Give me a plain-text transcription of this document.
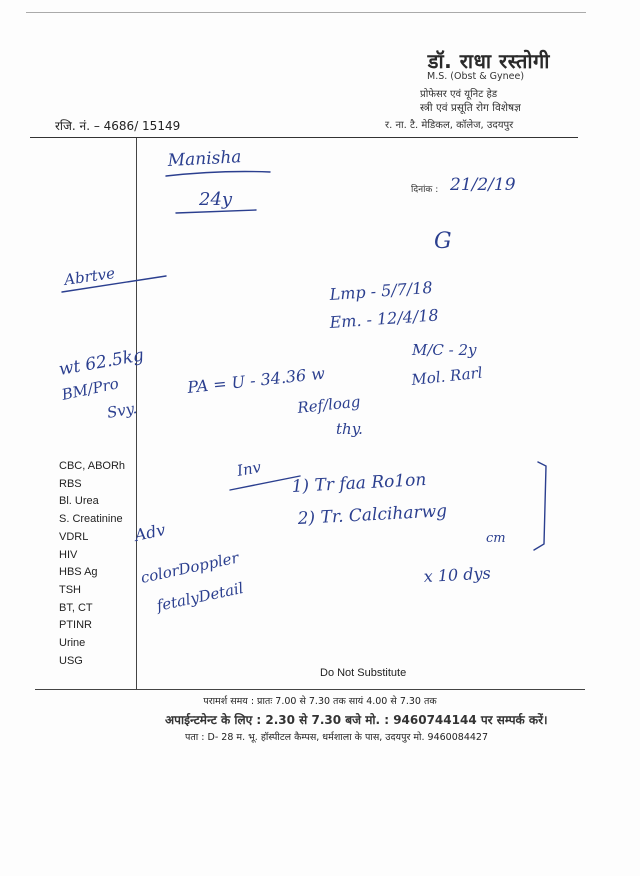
डॉ. राधा रस्तोगी
M.S. (Obst & Gynee)
प्रोफेसर एवं यूनिट हेड
स्त्री एवं प्रसूति रोग विशेषज्ञ
र. ना. टै. मेडिकल, कॉलेज, उदयपुर
रजि. नं. – 4686/ 15149
दिनांक :
CBC, ABORh
RBS
Bl. Urea
S. Creatinine
VDRL
HIV
HBS Ag
TSH
BT, CT
PTINR
Urine
USG
Do Not Substitute
परामर्श समय : प्रातः 7.00 से 7.30 तक सायं 4.00 से 7.30 तक
अपाईन्टमेन्ट के लिए : 2.30 से 7.30 बजे मो. : 9460744144 पर सम्पर्क करें।
पता : D- 28 म. भू. हॉस्पीटल कैम्पस, धर्मशाला के पास, उदयपुर मो. 9460084427
Manisha
24y
21/2/19
G
Abrtve
Lmp - 5/7/18
Em. - 12/4/18
M/C - 2y
Mol. Rarl
wt 62.5kg
BM/Pro
Svy.
PA = U - 34.36 w
Ref/loag
thy.
Inv
1) Tr faa Ro1on
2) Tr. Calciharwg
cm
Adv
colorDoppler
fetalyDetail
x 10 dys
